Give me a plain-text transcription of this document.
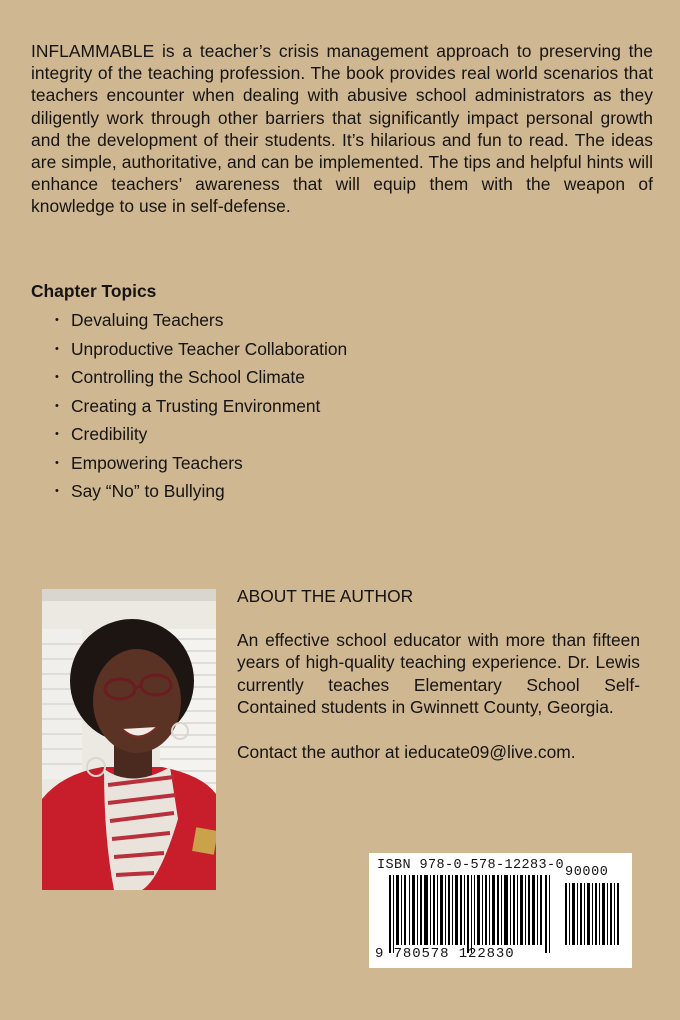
INFLAMMABLE is a teacher’s crisis management approach to preserving the integrity of the teaching profession. The book provides real world scenarios that teachers encounter when dealing with abusive school administrators as they diligently work through other barriers that significantly impact personal growth and the development of their students. It’s hilarious and fun to read. The ideas are simple, authoritative, and can be implemented. The tips and helpful hints will enhance teachers’ awareness that will equip them with the weapon of knowledge to use in self-defense.

Chapter Topics

• Devaluing Teachers
• Unproductive Teacher Collaboration
• Controlling the School Climate
• Creating a Trusting Environment
• Credibility
• Empowering Teachers
• Say “No” to Bullying

ABOUT THE AUTHOR

An effective school educator with more than fifteen years of high-quality teaching experience. Dr. Lewis currently teaches Elementary School Self-Contained students in Gwinnett County, Georgia.

Contact the author at ieducate09@live.com.

ISBN 978-0-578-12283-0 90000
9 780578 122830
